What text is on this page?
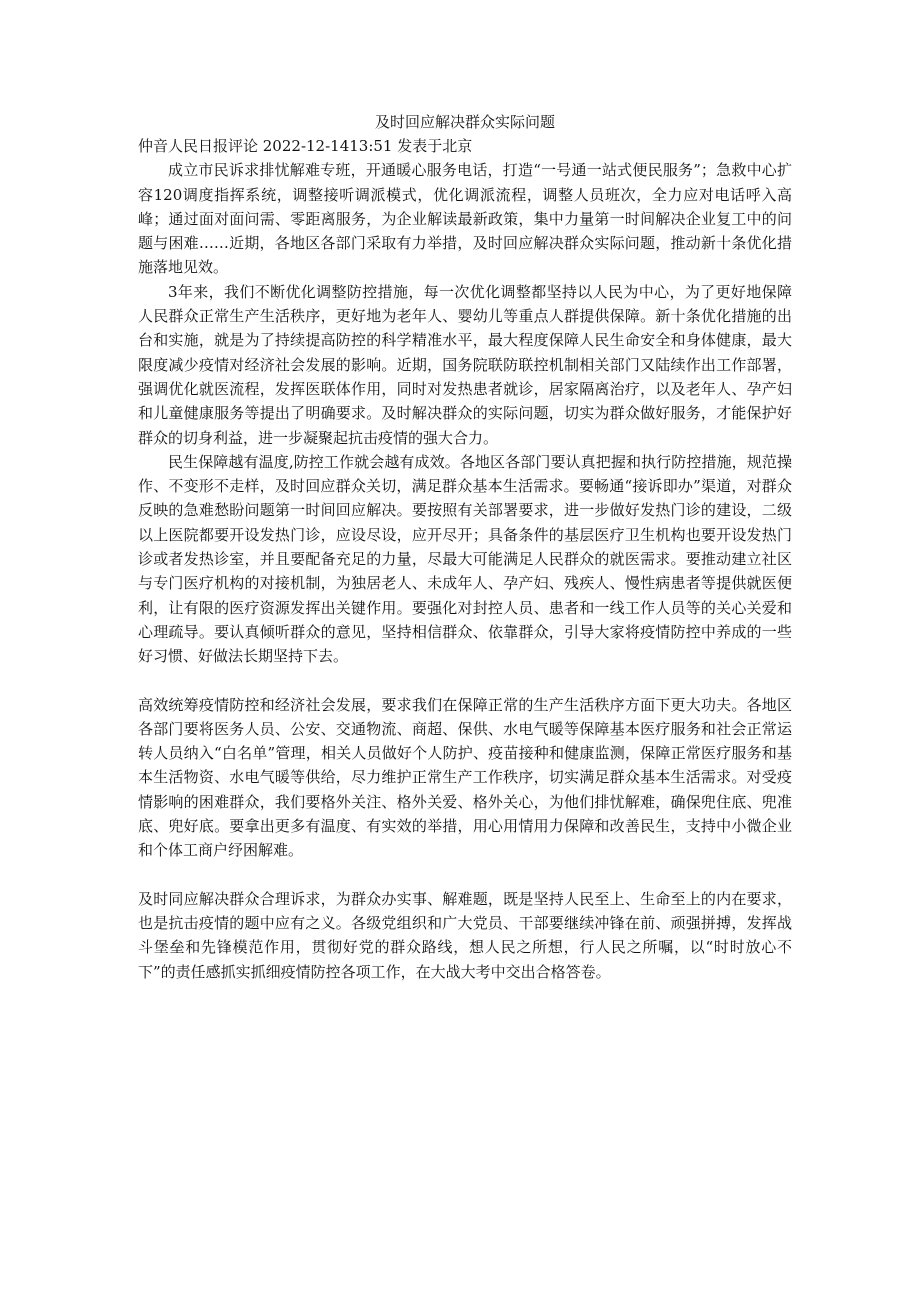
及时回应解决群众实际问题

仲音人民日报评论 2022-12-1413:51 发表于北京

成立市民诉求排忧解难专班，开通暖心服务电话，打造“一号通一站式便民服务”；急救中心扩容120调度指挥系统，调整接听调派模式，优化调派流程，调整人员班次，全力应对电话呼入高峰；通过面对面问需、零距离服务，为企业解读最新政策，集中力量第一时间解决企业复工中的问题与困难……近期，各地区各部门采取有力举措，及时回应解决群众实际问题，推动新十条优化措施落地见效。

3年来，我们不断优化调整防控措施，每一次优化调整都坚持以人民为中心，为了更好地保障人民群众正常生产生活秩序，更好地为老年人、婴幼儿等重点人群提供保障。新十条优化措施的出台和实施，就是为了持续提高防控的科学精准水平，最大程度保障人民生命安全和身体健康，最大限度减少疫情对经济社会发展的影响。近期，国务院联防联控机制相关部门又陆续作出工作部署，强调优化就医流程，发挥医联体作用，同时对发热患者就诊，居家隔离治疗，以及老年人、孕产妇和儿童健康服务等提出了明确要求。及时解决群众的实际问题，切实为群众做好服务，才能保护好群众的切身利益，进一步凝聚起抗击疫情的强大合力。

民生保障越有温度,防控工作就会越有成效。各地区各部门要认真把握和执行防控措施，规范操作、不变形不走样，及时回应群众关切，满足群众基本生活需求。要畅通“接诉即办”渠道，对群众反映的急难愁盼问题第一时间回应解决。要按照有关部署要求，进一步做好发热门诊的建设，二级以上医院都要开设发热门诊，应设尽设，应开尽开；具备条件的基层医疗卫生机构也要开设发热门诊或者发热诊室，并且要配备充足的力量，尽最大可能满足人民群众的就医需求。要推动建立社区与专门医疗机构的对接机制，为独居老人、未成年人、孕产妇、残疾人、慢性病患者等提供就医便利，让有限的医疗资源发挥出关键作用。要强化对封控人员、患者和一线工作人员等的关心关爱和心理疏导。要认真倾听群众的意见，坚持相信群众、依靠群众，引导大家将疫情防控中养成的一些好习惯、好做法长期坚持下去。

高效统筹疫情防控和经济社会发展，要求我们在保障正常的生产生活秩序方面下更大功夫。各地区各部门要将医务人员、公安、交通物流、商超、保供、水电气暖等保障基本医疗服务和社会正常运转人员纳入“白名单”管理，相关人员做好个人防护、疫苗接种和健康监测，保障正常医疗服务和基本生活物资、水电气暖等供给，尽力维护正常生产工作秩序，切实满足群众基本生活需求。对受疫情影响的困难群众，我们要格外关注、格外关爱、格外关心，为他们排忧解难，确保兜住底、兜准底、兜好底。要拿出更多有温度、有实效的举措，用心用情用力保障和改善民生，支持中小微企业和个体工商户纾困解难。

及时同应解决群众合理诉求，为群众办实事、解难题，既是坚持人民至上、生命至上的内在要求，也是抗击疫情的题中应有之义。各级党组织和广大党员、干部要继续冲锋在前、顽强拼搏，发挥战斗堡垒和先锋模范作用，贯彻好党的群众路线，想人民之所想，行人民之所嘱，以“时时放心不下”的责任感抓实抓细疫情防控各项工作，在大战大考中交出合格答卷。
